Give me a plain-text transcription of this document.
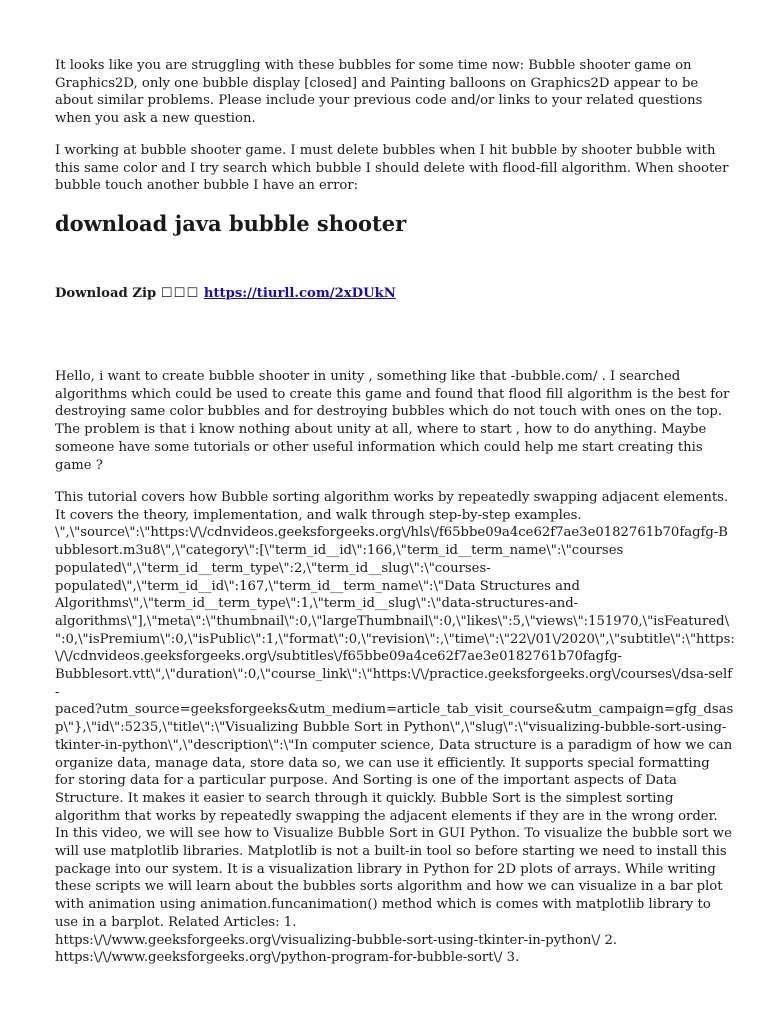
It looks like you are struggling with these bubbles for some time now: Bubble shooter game on
Graphics2D, only one bubble display [closed] and Painting balloons on Graphics2D appear to be
about similar problems. Please include your previous code and/or links to your related questions
when you ask a new question.

I working at bubble shooter game. I must delete bubbles when I hit bubble by shooter bubble with
this same color and I try search which bubble I should delete with flood-fill algorithm. When shooter
bubble touch another bubble I have an error:

download java bubble shooter

Download Zip ☐☐☐ https://tiurll.com/2xDUkN

Hello, i want to create bubble shooter in unity , something like that -bubble.com/ . I searched
algorithms which could be used to create this game and found that flood fill algorithm is the best for
destroying same color bubbles and for destroying bubbles which do not touch with ones on the top.
The problem is that i know nothing about unity at all, where to start , how to do anything. Maybe
someone have some tutorials or other useful information which could help me start creating this
game ?

This tutorial covers how Bubble sorting algorithm works by repeatedly swapping adjacent elements.
It covers the theory, implementation, and walk through step-by-step examples.
\",\"source\":\"https:\/\/cdnvideos.geeksforgeeks.org\/hls\/f65bbe09a4ce62f7ae3e0182761b70fagfg-B
ubblesort.m3u8\",\"category\":[\"term_id__id\":166,\"term_id__term_name\":\"courses
populated\",\"term_id__term_type\":2,\"term_id__slug\":\"courses-
populated\",\"term_id__id\":167,\"term_id__term_name\":\"Data Structures and
Algorithms\",\"term_id__term_type\":1,\"term_id__slug\":\"data-structures-and-
algorithms\"],\"meta\":\"thumbnail\":0,\"largeThumbnail\":0,\"likes\":5,\"views\":151970,\"isFeatured\
":0,\"isPremium\":0,\"isPublic\":1,\"format\":0,\"revision\":,\"time\":\"22\/01\/2020\",\"subtitle\":\"https:
\/\/cdnvideos.geeksforgeeks.org\/subtitles\/f65bbe09a4ce62f7ae3e0182761b70fagfg-
Bubblesort.vtt\",\"duration\":0,\"course_link\":\"https:\/\/practice.geeksforgeeks.org\/courses\/dsa-self
-
paced?utm_source=geeksforgeeks&utm_medium=article_tab_visit_course&utm_campaign=gfg_dsas
p\"},\"id\":5235,\"title\":\"Visualizing Bubble Sort in Python\",\"slug\":\"visualizing-bubble-sort-using-
tkinter-in-python\",\"description\":\"In computer science, Data structure is a paradigm of how we can
organize data, manage data, store data so, we can use it efficiently. It supports special formatting
for storing data for a particular purpose. And Sorting is one of the important aspects of Data
Structure. It makes it easier to search through it quickly. Bubble Sort is the simplest sorting
algorithm that works by repeatedly swapping the adjacent elements if they are in the wrong order.
In this video, we will see how to Visualize Bubble Sort in GUI Python. To visualize the bubble sort we
will use matplotlib libraries. Matplotlib is not a built-in tool so before starting we need to install this
package into our system. It is a visualization library in Python for 2D plots of arrays. While writing
these scripts we will learn about the bubbles sorts algorithm and how we can visualize in a bar plot
with animation using animation.funcanimation() method which is comes with matplotlib library to
use in a barplot. Related Articles: 1.
https:\/\/www.geeksforgeeks.org\/visualizing-bubble-sort-using-tkinter-in-python\/ 2.
https:\/\/www.geeksforgeeks.org\/python-program-for-bubble-sort\/ 3.
